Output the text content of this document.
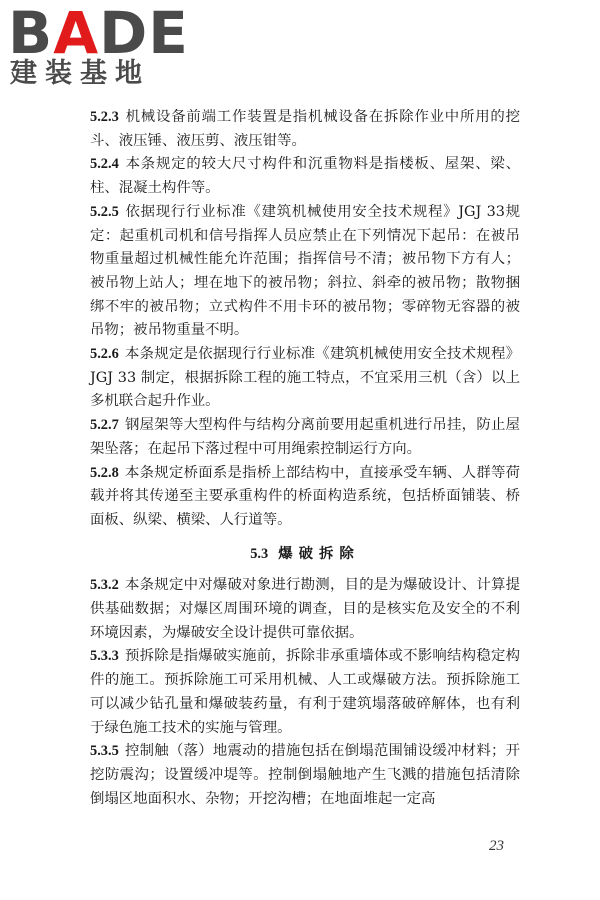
BADE
建装基地

5.2.3 机械设备前端工作装置是指机械设备在拆除作业中所用的挖斗、液压锤、液压剪、液压钳等。

5.2.4 本条规定的较大尺寸构件和沉重物料是指楼板、屋架、梁、柱、混凝土构件等。

5.2.5 依据现行行业标准《建筑机械使用安全技术规程》JGJ 33规定：起重机司机和信号指挥人员应禁止在下列情况下起吊：在被吊物重量超过机械性能允许范围；指挥信号不清；被吊物下方有人；被吊物上站人；埋在地下的被吊物；斜拉、斜牵的被吊物；散物捆绑不牢的被吊物；立式构件不用卡环的被吊物；零碎物无容器的被吊物；被吊物重量不明。

5.2.6 本条规定是依据现行行业标准《建筑机械使用安全技术规程》JGJ 33 制定，根据拆除工程的施工特点，不宜采用三机（含）以上多机联合起升作业。

5.2.7 钢屋架等大型构件与结构分离前要用起重机进行吊挂，防止屋架坠落；在起吊下落过程中可用绳索控制运行方向。

5.2.8 本条规定桥面系是指桥上部结构中，直接承受车辆、人群等荷载并将其传递至主要承重构件的桥面构造系统，包括桥面铺装、桥面板、纵梁、横梁、人行道等。

5.3 爆破拆除

5.3.2 本条规定中对爆破对象进行勘测，目的是为爆破设计、计算提供基础数据；对爆区周围环境的调查，目的是核实危及安全的不利环境因素，为爆破安全设计提供可靠依据。

5.3.3 预拆除是指爆破实施前，拆除非承重墙体或不影响结构稳定构件的施工。预拆除施工可采用机械、人工或爆破方法。预拆除施工可以减少钻孔量和爆破装药量，有利于建筑塌落破碎解体，也有利于绿色施工技术的实施与管理。

5.3.5 控制触（落）地震动的措施包括在倒塌范围铺设缓冲材料；开挖防震沟；设置缓冲堤等。控制倒塌触地产生飞溅的措施包括清除倒塌区地面积水、杂物；开挖沟槽；在地面堆起一定高

23
